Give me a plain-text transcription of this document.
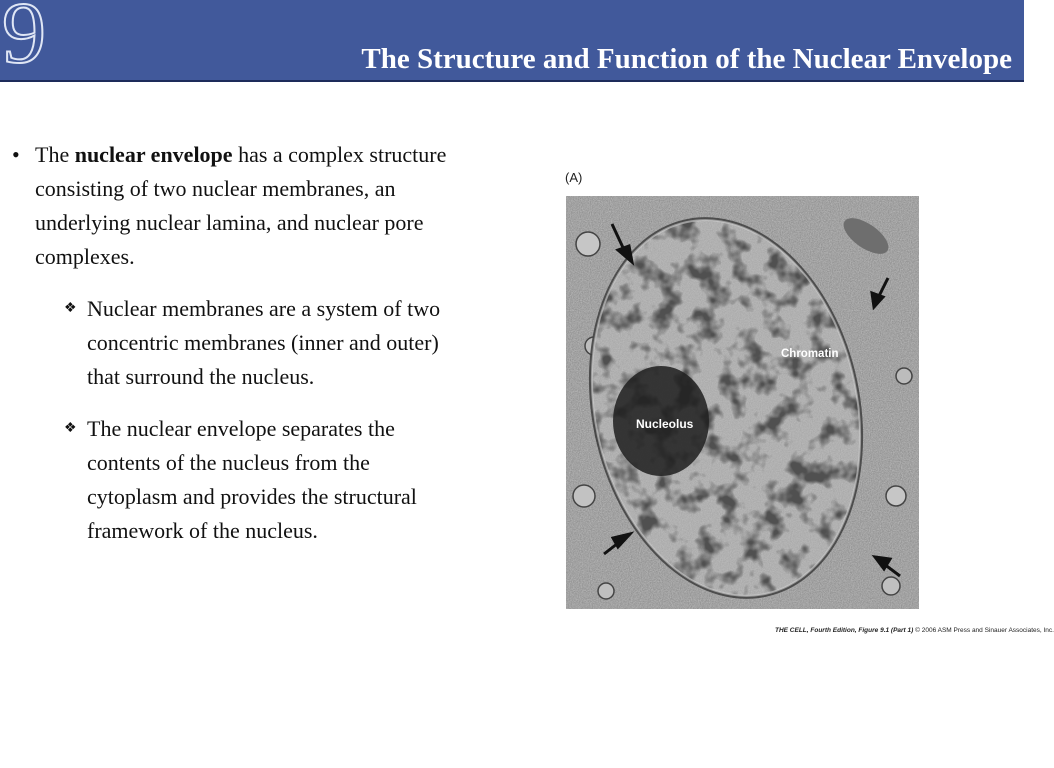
9	The Structure and Function of the Nuclear Envelope
• The nuclear envelope has a complex structure consisting of two nuclear membranes, an underlying nuclear lamina, and nuclear pore complexes.
❖ Nuclear membranes are a system of two concentric membranes (inner and outer) that surround the nucleus.
❖ The nuclear envelope separates the contents of the nucleus from the cytoplasm and provides the structural framework of the nucleus.
(A)
Chromatin
Nucleolus
THE CELL, Fourth Edition, Figure 9.1 (Part 1) © 2006 ASM Press and Sinauer Associates, Inc.
